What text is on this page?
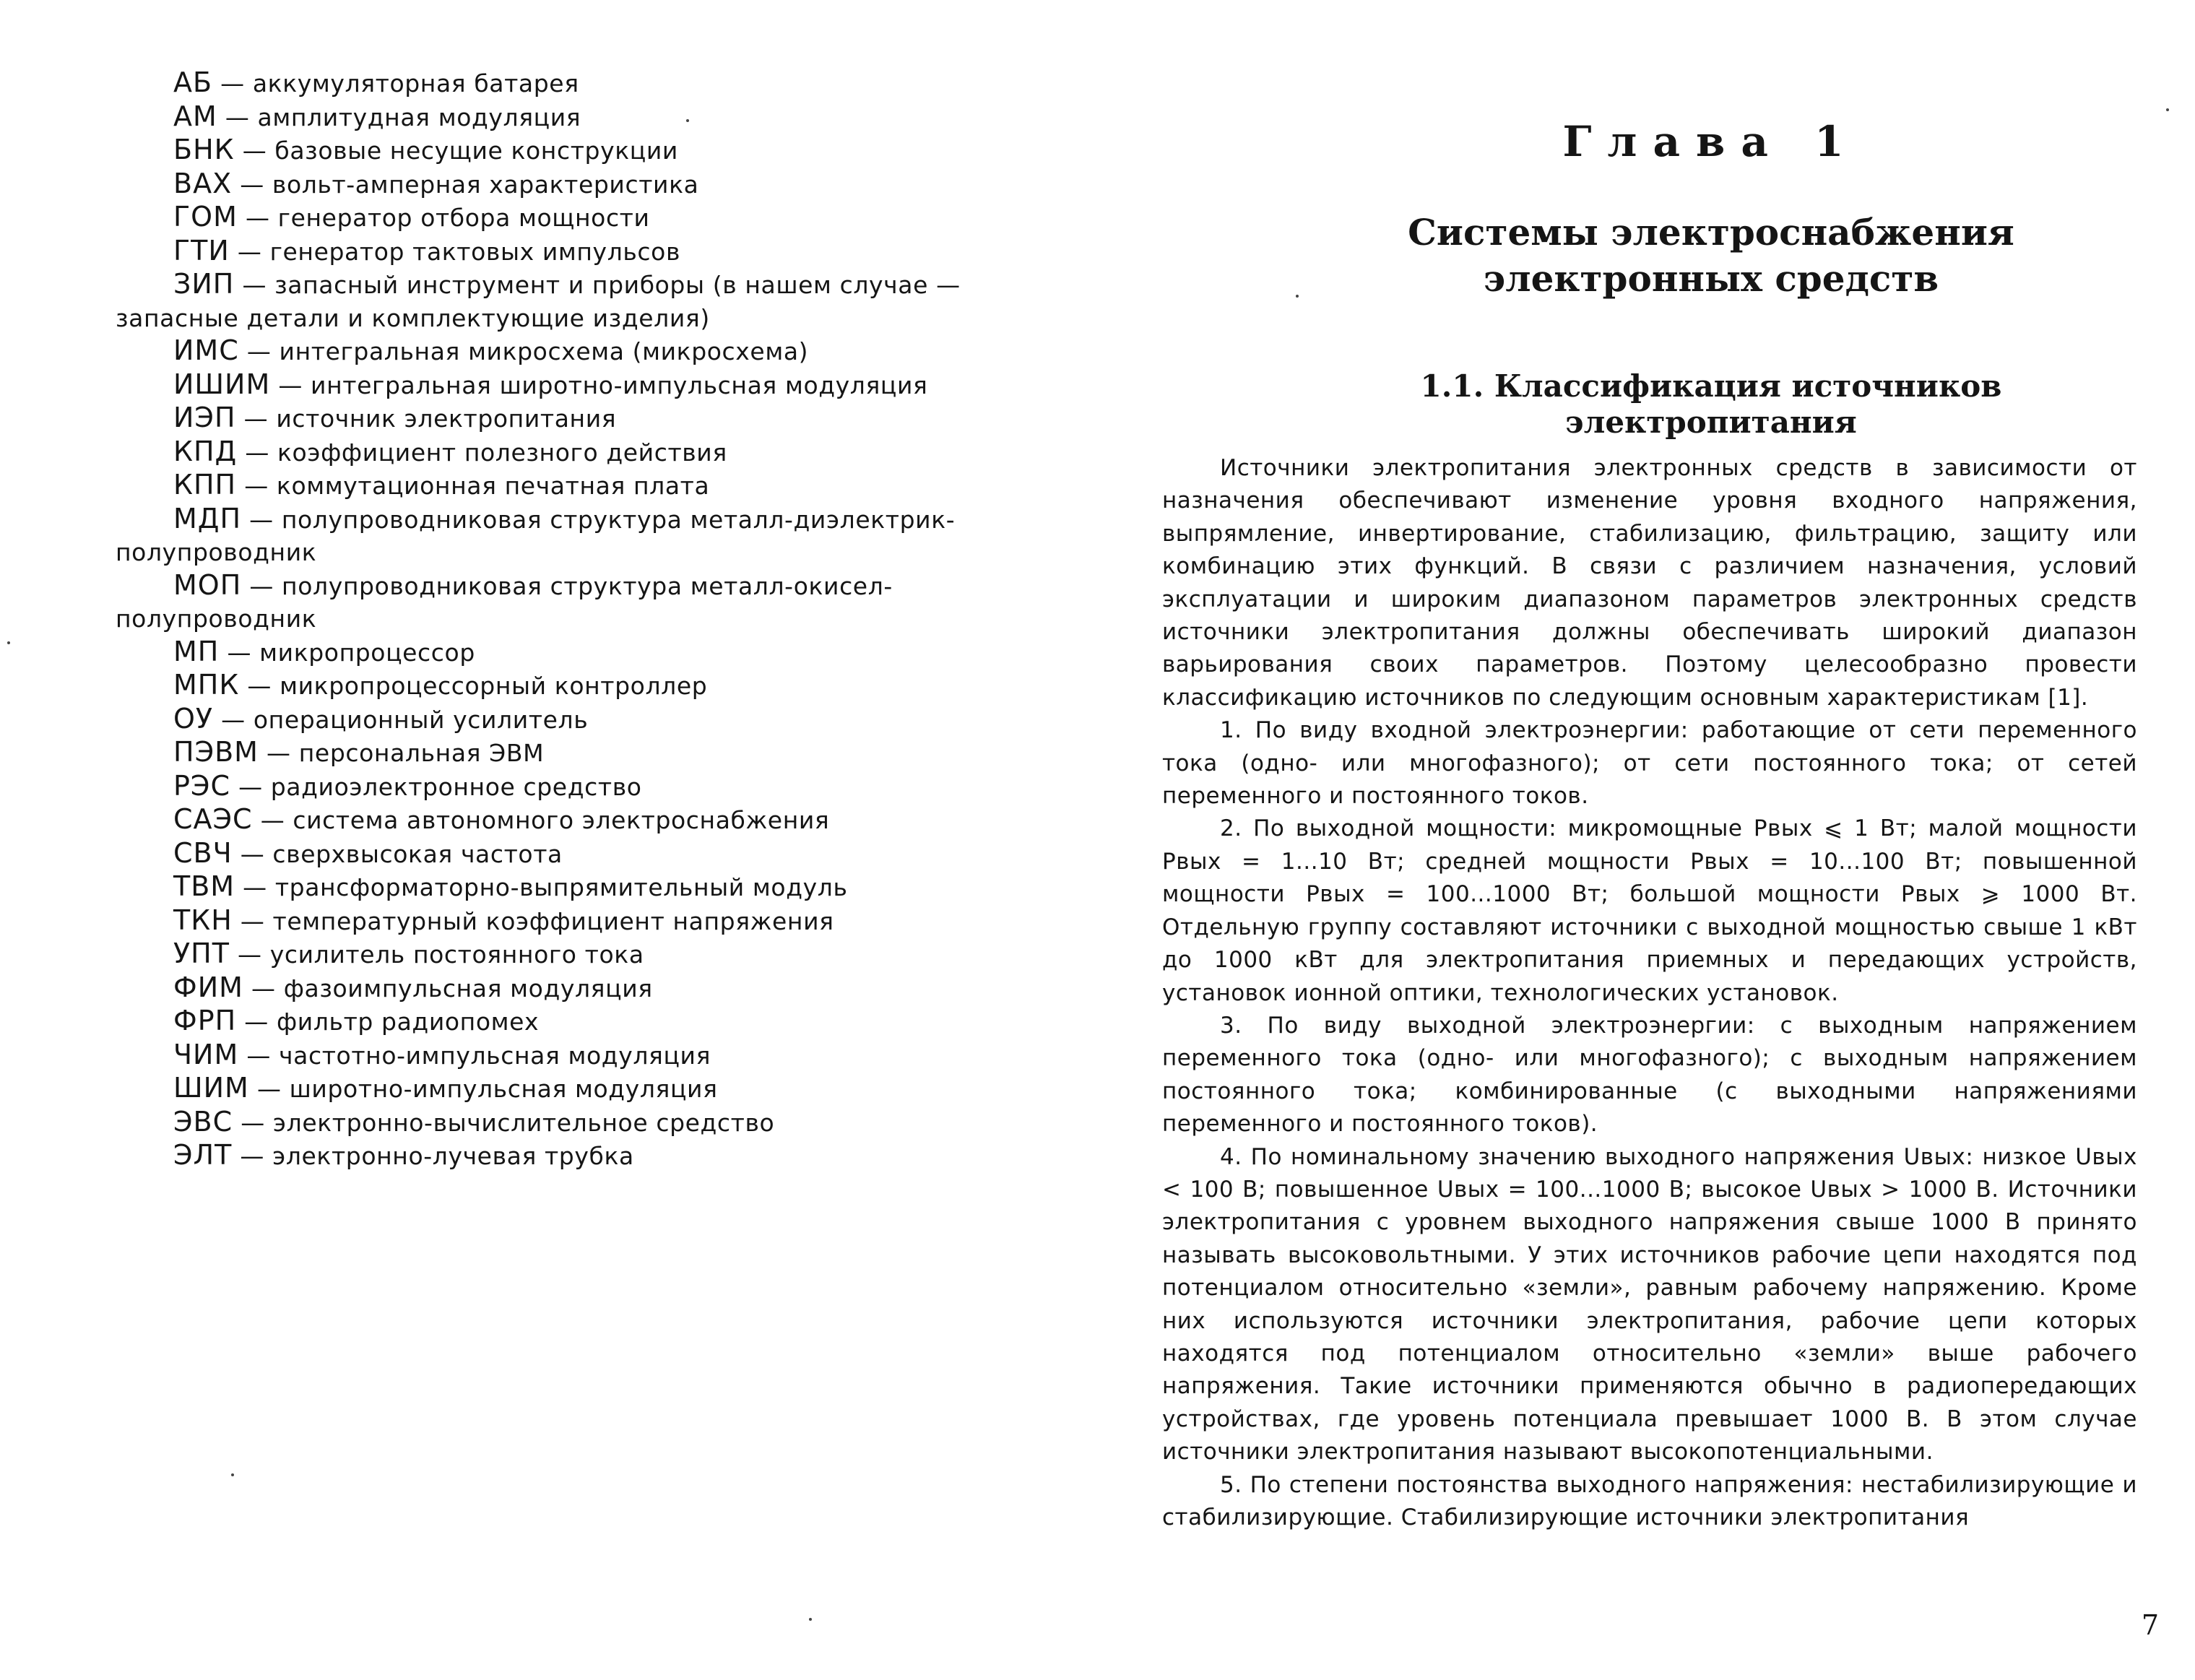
АБ — аккумуляторная батарея
АМ — амплитудная модуляция
БНК — базовые несущие конструкции
ВАХ — вольт-амперная характеристика
ГОМ — генератор отбора мощности
ГТИ — генератор тактовых импульсов
ЗИП — запасный инструмент и приборы (в нашем случае — запасные детали и комплектующие изделия)
ИМС — интегральная микросхема (микросхема)
ИШИМ — интегральная широтно-импульсная модуляция
ИЭП — источник электропитания
КПД — коэффициент полезного действия
КПП — коммутационная печатная плата
МДП — полупроводниковая структура металл-диэлектрик-полупроводник
МОП — полупроводниковая структура металл-окисел-полупроводник
МП — микропроцессор
МПК — микропроцессорный контроллер
ОУ — операционный усилитель
ПЭВМ — персональная ЭВМ
РЭС — радиоэлектронное средство
САЭС — система автономного электроснабжения
СВЧ — сверхвысокая частота
ТВМ — трансформаторно-выпрямительный модуль
ТКН — температурный коэффициент напряжения
УПТ — усилитель постоянного тока
ФИМ — фазоимпульсная модуляция
ФРП — фильтр радиопомех
ЧИМ — частотно-импульсная модуляция
ШИМ — широтно-импульсная модуляция
ЭВС — электронно-вычислительное средство
ЭЛТ — электронно-лучевая трубка
Глава 1
Системы электроснабжения
электронных средств
1.1. Классификация источников
электропитания

Источники электропитания электронных средств в зависимости от назначения обеспечивают изменение уровня входного напряжения, выпрямление, инвертирование, стабилизацию, фильтрацию, защиту или комбинацию этих функций. В связи с различием назначения, условий эксплуатации и широким диапазоном параметров электронных средств источники электропитания должны обеспечивать широкий диапазон варьирования своих параметров. Поэтому целесообразно провести классификацию источников по следующим основным характеристикам [1].

1. По виду входной электроэнергии: работающие от сети переменного тока (одно- или многофазного); от сети постоянного тока; от сетей переменного и постоянного токов.

2. По выходной мощности: микромощные Pвых ⩽ 1 Вт; малой мощности Pвых = 1...10 Вт; средней мощности Pвых = 10...100 Вт; повышенной мощности Pвых = 100...1000 Вт; большой мощности Pвых ⩾ 1000 Вт. Отдельную группу составляют источники с выходной мощностью свыше 1 кВт до 1000 кВт для электропитания приемных и передающих устройств, установок ионной оптики, технологических установок.

3. По виду выходной электроэнергии: с выходным напряжением переменного тока (одно- или многофазного); с выходным напряжением постоянного тока; комбинированные (с выходными напряжениями переменного и постоянного токов).

4. По номинальному значению выходного напряжения Uвых: низкое Uвых < 100 В; повышенное Uвых = 100...1000 В; высокое Uвых > 1000 В. Источники электропитания с уровнем выходного напряжения свыше 1000 В принято называть высоковольтными. У этих источников рабочие цепи находятся под потенциалом относительно «земли», равным рабочему напряжению. Кроме них используются источники электропитания, рабочие цепи которых находятся под потенциалом относительно «земли» выше рабочего напряжения. Такие источники применяются обычно в радиопередающих устройствах, где уровень потенциала превышает 1000 В. В этом случае источники электропитания называют высокопотенциальными.

5. По степени постоянства выходного напряжения: нестабилизирующие и стабилизирующие. Стабилизирующие источники электропитания

7
